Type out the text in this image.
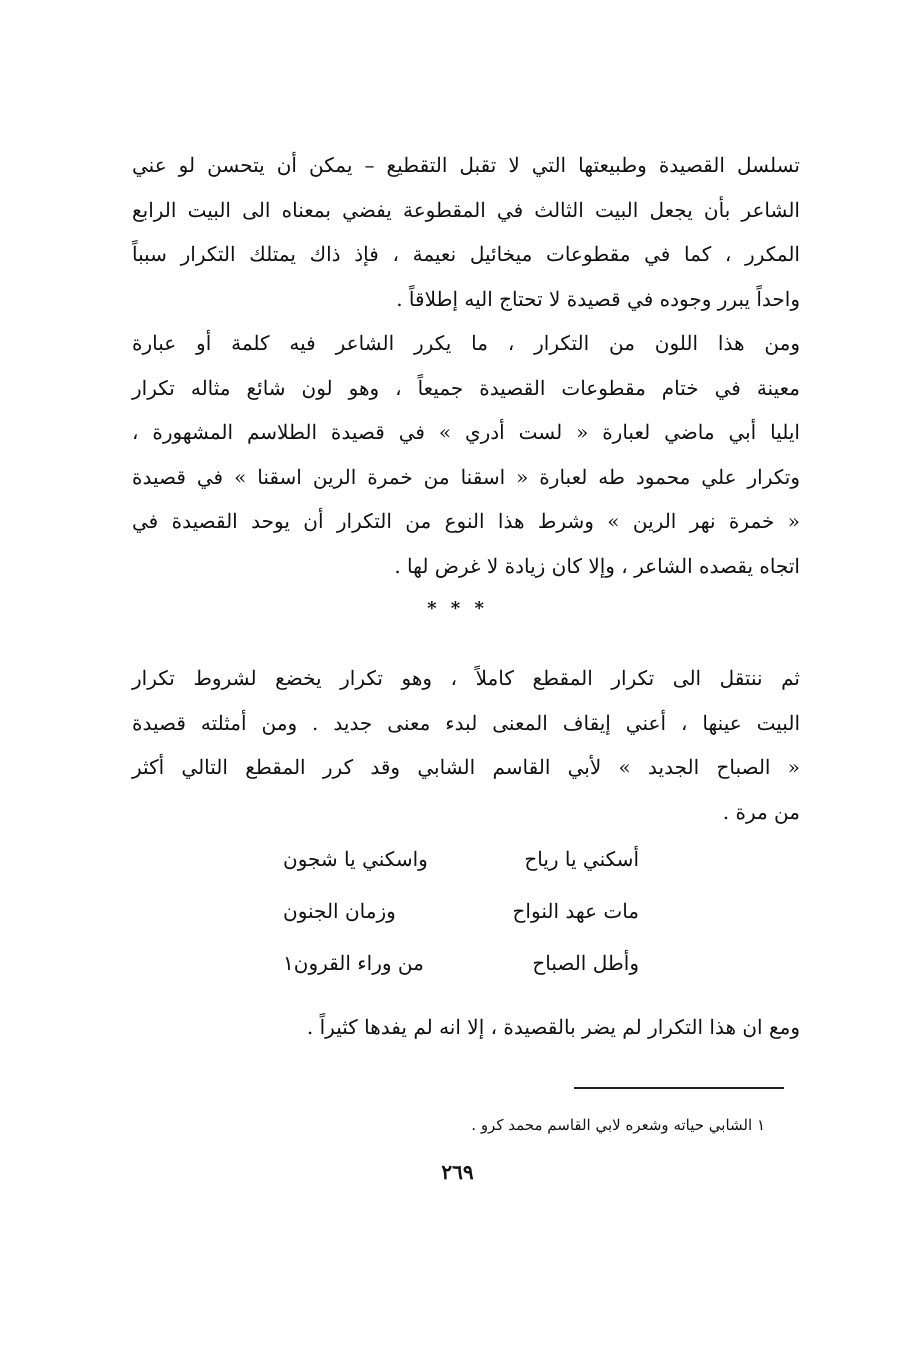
تسلسل القصيدة وطبيعتها التي لا تقبل التقطيع – يمكن أن يتحسن لو عني
الشاعر بأن يجعل البيت الثالث في المقطوعة يفضي بمعناه الى البيت الرابع
المكرر ، كما في مقطوعات ميخائيل نعيمة ، فإذ ذاك يمتلك التكرار سبباً
واحداً يبرر وجوده في قصيدة لا تحتاج اليه إطلاقاً .
ومن هذا اللون من التكرار ، ما يكرر الشاعر فيه كلمة أو عبارة
معينة في ختام مقطوعات القصيدة جميعاً ، وهو لون شائع مثاله تكرار
ايليا أبي ماضي لعبارة « لست أدري » في قصيدة الطلاسم المشهورة ،
وتكرار علي محمود طه لعبارة « اسقنا من خمرة الرين اسقنا » في قصيدة
« خمرة نهر الرين » وشرط هذا النوع من التكرار أن يوحد القصيدة في
اتجاه يقصده الشاعر ، وإلا كان زيادة لا غرض لها .
* * *
ثم ننتقل الى تكرار المقطع كاملاً ، وهو تكرار يخضع لشروط تكرار
البيت عينها ، أعني إيقاف المعنى لبدء معنى جديد . ومن أمثلته قصيدة
« الصباح الجديد » لأبي القاسم الشابي وقد كرر المقطع التالي أكثر
من مرة .
أسكني يا رياح
واسكني يا شجون
مات عهد النواح
وزمان الجنون
وأطل الصباح
من وراء القرون١
ومع ان هذا التكرار لم يضر بالقصيدة ، إلا انه لم يفدها كثيراً .
١ الشابي حياته وشعره لابي القاسم محمد كرو .
٢٦٩
